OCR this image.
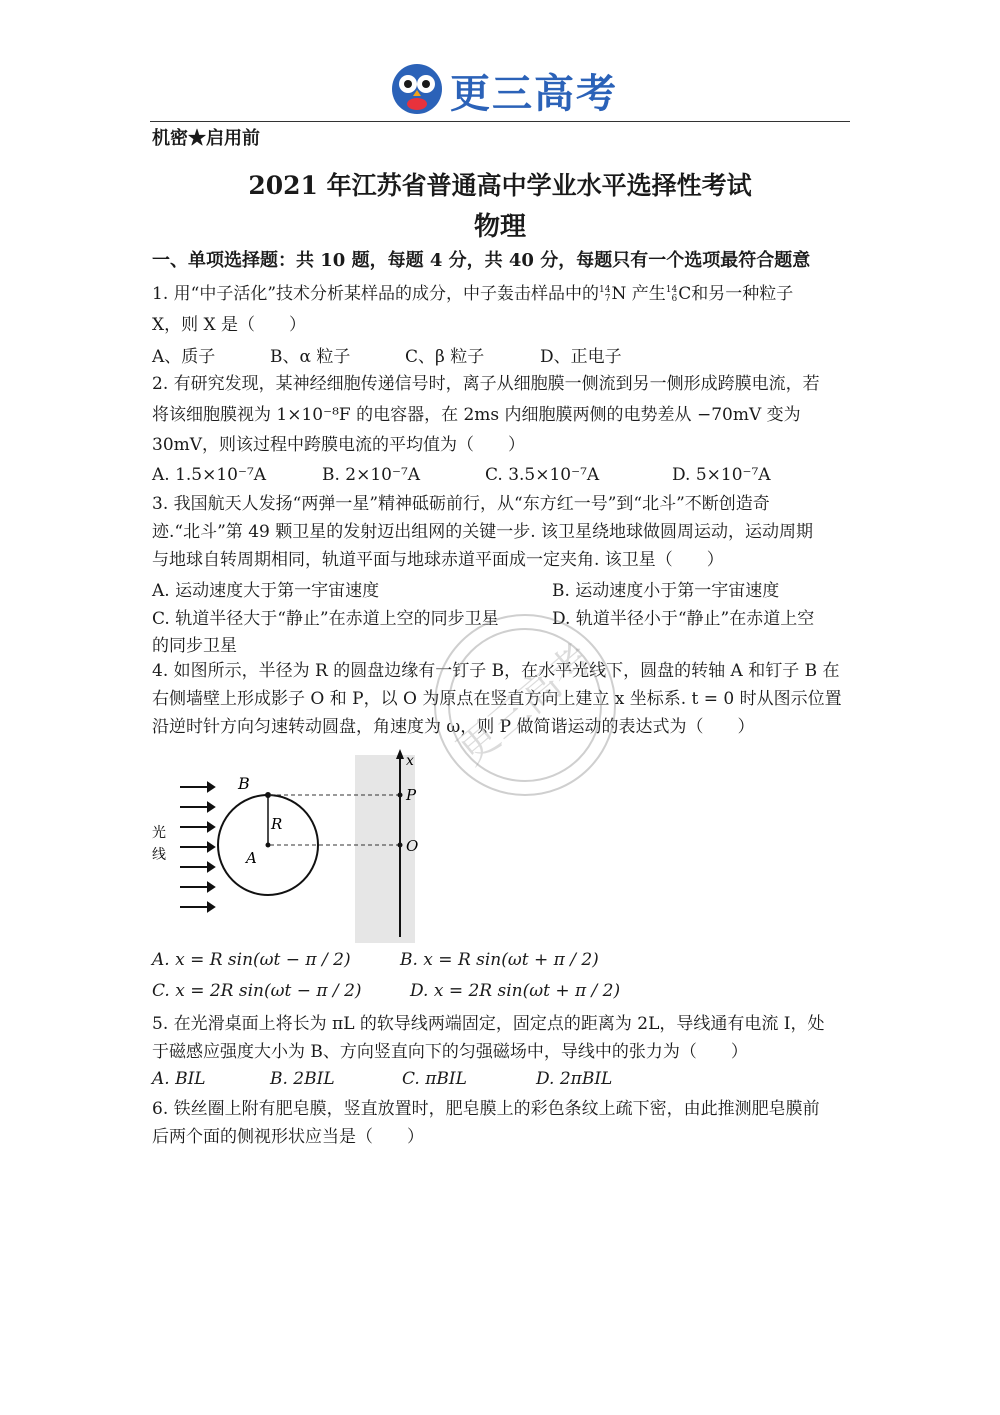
更三高考
机密★启用前
2021 年江苏省普通高中学业水平选择性考试
物理
一、单项选择题：共 10 题，每题 4 分，共 40 分，每题只有一个选项最符合题意
1. 用“中子活化”技术分析某样品的成分，中子轰击样品中的14
7N 产生14
6C和另一种粒子
X，则 X 是（　　）
A、质子	B、α 粒子	C、β 粒子	D、正电子
2. 有研究发现，某神经细胞传递信号时，离子从细胞膜一侧流到另一侧形成跨膜电流，若
将该细胞膜视为 1×10⁻⁸F 的电容器，在 2ms 内细胞膜两侧的电势差从 −70mV 变为
30mV，则该过程中跨膜电流的平均值为（　　）
A. 1.5×10⁻⁷A	B. 2×10⁻⁷A	C. 3.5×10⁻⁷A	D. 5×10⁻⁷A
3. 我国航天人发扬“两弹一星”精神砥砺前行，从“东方红一号”到“北斗”不断创造奇
迹.“北斗”第 49 颗卫星的发射迈出组网的关键一步. 该卫星绕地球做圆周运动，运动周期
与地球自转周期相同，轨道平面与地球赤道平面成一定夹角. 该卫星（　　）
A. 运动速度大于第一宇宙速度	B. 运动速度小于第一宇宙速度
C. 轨道半径大于“静止”在赤道上空的同步卫星	D. 轨道半径小于“静止”在赤道上空
的同步卫星
4. 如图所示，半径为 R 的圆盘边缘有一钉子 B，在水平光线下，圆盘的转轴 A 和钉子 B 在
右侧墙壁上形成影子 O 和 P，以 O 为原点在竖直方向上建立 x 坐标系. t = 0 时从图示位置
沿逆时针方向匀速转动圆盘，角速度为 ω，则 P 做简谐运动的表达式为（　　）
B
R
A
P
O
x
光
线
更三高考
A. x = R sin(ωt − π / 2)	B. x = R sin(ωt + π / 2)
C. x = 2R sin(ωt − π / 2)	D. x = 2R sin(ωt + π / 2)
5. 在光滑桌面上将长为 πL 的软导线两端固定，固定点的距离为 2L，导线通有电流 I，处
于磁感应强度大小为 B、方向竖直向下的匀强磁场中，导线中的张力为（　　）
A. BIL	B. 2BIL	C. πBIL	D. 2πBIL
6. 铁丝圈上附有肥皂膜，竖直放置时，肥皂膜上的彩色条纹上疏下密，由此推测肥皂膜前
后两个面的侧视形状应当是（　　）
